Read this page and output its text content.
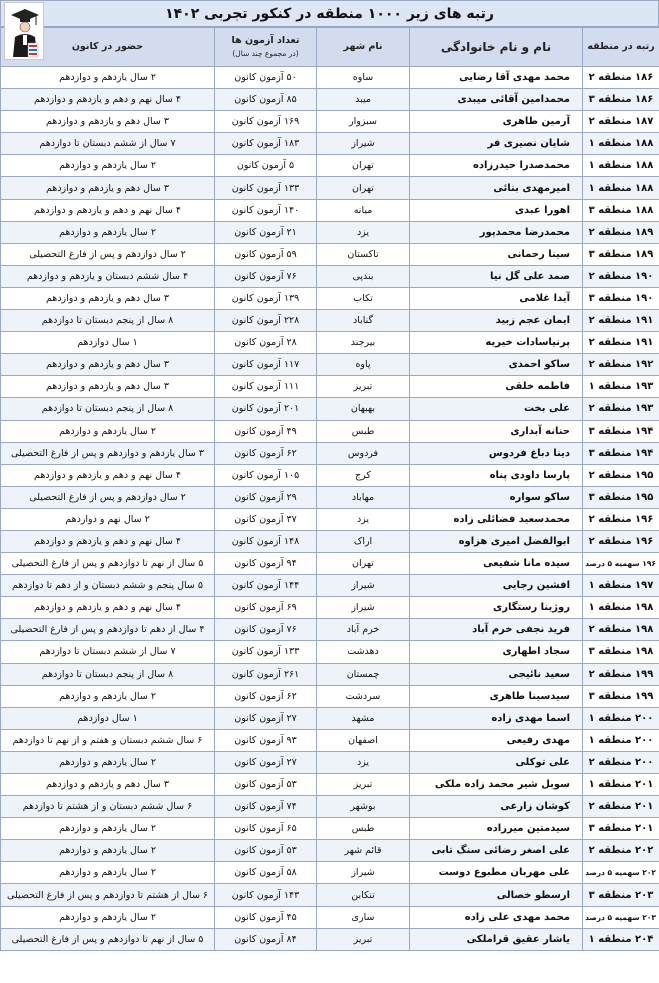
رتبه های زیر ۱۰۰۰ منطقه در کنکور تجربی ۱۴۰۲
رتبه در منطقه	نام و نام خانوادگی	نام شهر	تعداد آزمون ها
(در مجموع چند سال)	حضور در کانون
۱۸۶ منطقه ۲	محمد مهدی آقا رضایی	ساوه	۵۰ آزمون کانون	۲ سال یازدهم و دوازدهم
۱۸۶ منطقه ۳	محمدامین آقائی میبدی	میبد	۸۵ آزمون کانون	۴ سال نهم و دهم و یازدهم و دوازدهم
۱۸۷ منطقه ۲	آرمین طاهری	سبزوار	۱۶۹ آزمون کانون	۳ سال دهم و یازدهم و دوازدهم
۱۸۸ منطقه ۱	شایان نصیری فر	شیراز	۱۸۳ آزمون کانون	۷ سال از ششم دبستان تا دوازدهم
۱۸۸ منطقه ۱	محمدصدرا حیدرزاده	تهران	۵ آزمون کانون	۲ سال یازدهم و دوازدهم
۱۸۸ منطقه ۱	امیرمهدی بنائی	تهران	۱۳۳ آزمون کانون	۳ سال دهم و یازدهم و دوازدهم
۱۸۸ منطقه ۳	اهورا عبدی	میانه	۱۴۰ آزمون کانون	۴ سال نهم و دهم و یازدهم و دوازدهم
۱۸۹ منطقه ۲	محمدرضا محمدپور	یزد	۲۱ آزمون کانون	۲ سال یازدهم و دوازدهم
۱۸۹ منطقه ۳	سینا رحمانی	تاکستان	۵۹ آزمون کانون	۲ سال دوازدهم و پس از فارغ التحصیلی
۱۹۰ منطقه ۲	صمد علی گل نیا	بندپی	۷۶ آزمون کانون	۴ سال ششم دبستان و یازدهم و دوازدهم
۱۹۰ منطقه ۳	آیدا غلامی	تکاب	۱۳۹ آزمون کانون	۳ سال دهم و یازدهم و دوازدهم
۱۹۱ منطقه ۲	ایمان عجم زبید	گناباد	۲۲۸ آزمون کانون	۸ سال از پنجم دبستان تا دوازدهم
۱۹۱ منطقه ۲	پرنیاسادات خیریه	بیرجند	۲۸ آزمون کانون	۱ سال دوازدهم
۱۹۲ منطقه ۲	ساکو احمدی	پاوه	۱۱۷ آزمون کانون	۳ سال دهم و یازدهم و دوازدهم
۱۹۳ منطقه ۱	فاطمه خلقی	تبریز	۱۱۱ آزمون کانون	۳ سال دهم و یازدهم و دوازدهم
۱۹۳ منطقه ۲	علی بخت	بهبهان	۲۰۱ آزمون کانون	۸ سال از پنجم دبستان تا دوازدهم
۱۹۴ منطقه ۳	حنانه آبداری	طبس	۴۹ آزمون کانون	۲ سال یازدهم و دوازدهم
۱۹۴ منطقه ۳	دینا دباغ فردوس	فردوس	۶۲ آزمون کانون	۳ سال یازدهم و دوازدهم و پس از فارغ التحصیلی
۱۹۵ منطقه ۲	پارسا داودی پناه	کرج	۱۰۵ آزمون کانون	۴ سال نهم و دهم و یازدهم و دوازدهم
۱۹۵ منطقه ۳	ساکو سواره	مهاباد	۲۹ آزمون کانون	۲ سال دوازدهم و پس از فارغ التحصیلی
۱۹۶ منطقه ۲	محمدسعید فضائلی زاده	یزد	۳۷ آزمون کانون	۲ سال نهم و دوازدهم
۱۹۶ منطقه ۲	ابوالفضل امیری هزاوه	اراک	۱۴۸ آزمون کانون	۴ سال نهم و دهم و یازدهم و دوازدهم
۱۹۶ سهمیه ۵ درصد	سیده مانا شفیعی	تهران	۹۴ آزمون کانون	۵ سال از نهم تا دوازدهم و پس از فارغ التحصیلی
۱۹۷ منطقه ۱	افشین رجایی	شیراز	۱۴۴ آزمون کانون	۵ سال پنجم و ششم دبستان و از دهم تا دوازدهم
۱۹۸ منطقه ۱	روژینا رستگاری	شیراز	۶۹ آزمون کانون	۴ سال نهم و دهم و یازدهم و دوازدهم
۱۹۸ منطقه ۲	فرید نجفی خرم آباد	خرم آباد	۷۶ آزمون کانون	۴ سال از دهم تا دوازدهم و پس از فارغ التحصیلی
۱۹۸ منطقه ۳	سجاد اطهاری	دهدشت	۱۳۳ آزمون کانون	۷ سال از ششم دبستان تا دوازدهم
۱۹۹ منطقه ۲	سعید نائیجی	چمستان	۲۶۱ آزمون کانون	۸ سال از پنجم دبستان تا دوازدهم
۱۹۹ منطقه ۳	سیدسینا طاهری	سردشت	۶۲ آزمون کانون	۲ سال یازدهم و دوازدهم
۲۰۰ منطقه ۱	اسما مهدی زاده	مشهد	۲۷ آزمون کانون	۱ سال دوازدهم
۲۰۰ منطقه ۱	مهدی رفیعی	اصفهان	۹۳ آزمون کانون	۶ سال ششم دبستان و هفتم و از نهم تا دوازدهم
۲۰۰ منطقه ۲	علی توکلی	یزد	۲۷ آزمون کانون	۲ سال یازدهم و دوازدهم
۲۰۱ منطقه ۱	سوبل شیر محمد زاده ملکی	تبریز	۵۳ آزمون کانون	۳ سال دهم و یازدهم و دوازدهم
۲۰۱ منطقه ۲	کوشان زارعی	بوشهر	۷۴ آزمون کانون	۶ سال ششم دبستان و از هشتم تا دوازدهم
۲۰۱ منطقه ۳	سیدمتین میرزاده	طبس	۶۵ آزمون کانون	۲ سال یازدهم و دوازدهم
۲۰۲ منطقه ۲	علی اصغر رضائی سنگ تابی	قائم شهر	۵۳ آزمون کانون	۲ سال یازدهم و دوازدهم
۲۰۲ سهمیه ۵ درصد	علی مهربان مطبوع دوست	شیراز	۵۸ آزمون کانون	۲ سال یازدهم و دوازدهم
۲۰۳ منطقه ۳	ارسطو خصالی	تنکابن	۱۴۳ آزمون کانون	۶ سال از هشتم تا دوازدهم و پس از فارغ التحصیلی
۲۰۳ سهمیه ۵ درصد	محمد مهدی علی زاده	ساری	۴۵ آزمون کانون	۲ سال یازدهم و دوازدهم
۲۰۴ منطقه ۱	یاشار عقیق قراملکی	تبریز	۸۴ آزمون کانون	۵ سال از نهم تا دوازدهم و پس از فارغ التحصیلی
